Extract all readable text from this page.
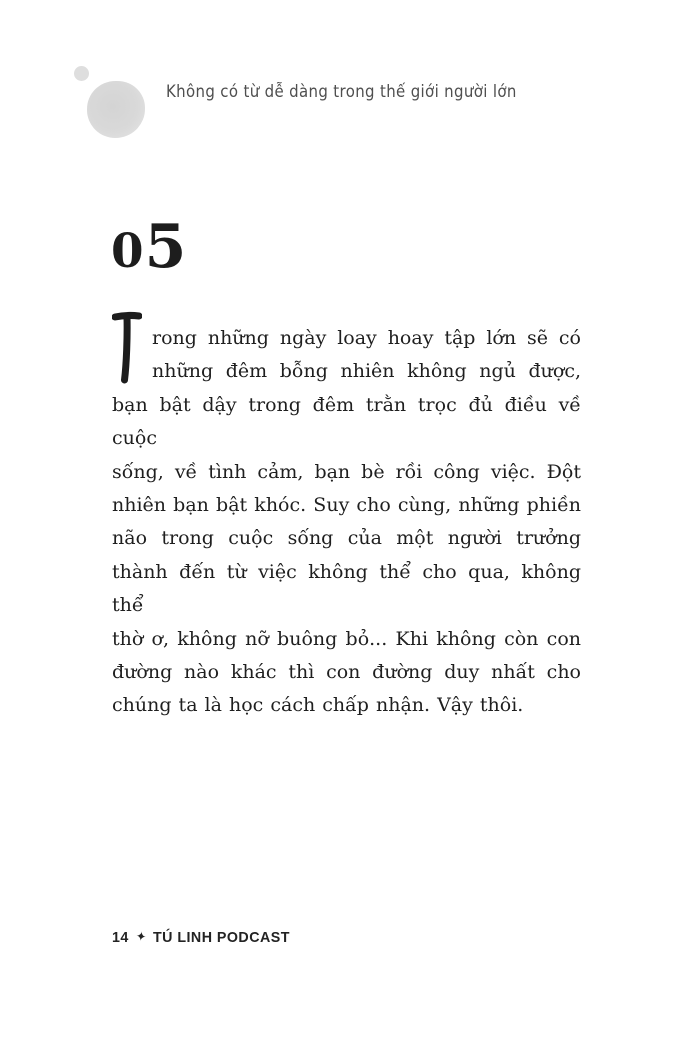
Không có từ dễ dàng trong thế giới người lớn
05
rong những ngày loay hoay tập lớn sẽ có
những đêm bỗng nhiên không ngủ được,
bạn bật dậy trong đêm trằn trọc đủ điều về cuộc
sống, về tình cảm, bạn bè rồi công việc. Đột
nhiên bạn bật khóc. Suy cho cùng, những phiền
não trong cuộc sống của một người trưởng
thành đến từ việc không thể cho qua, không thể
thờ ơ, không nỡ buông bỏ... Khi không còn con
đường nào khác thì con đường duy nhất cho
chúng ta là học cách chấp nhận. Vậy thôi.
14 ✦ TÚ LINH PODCAST
